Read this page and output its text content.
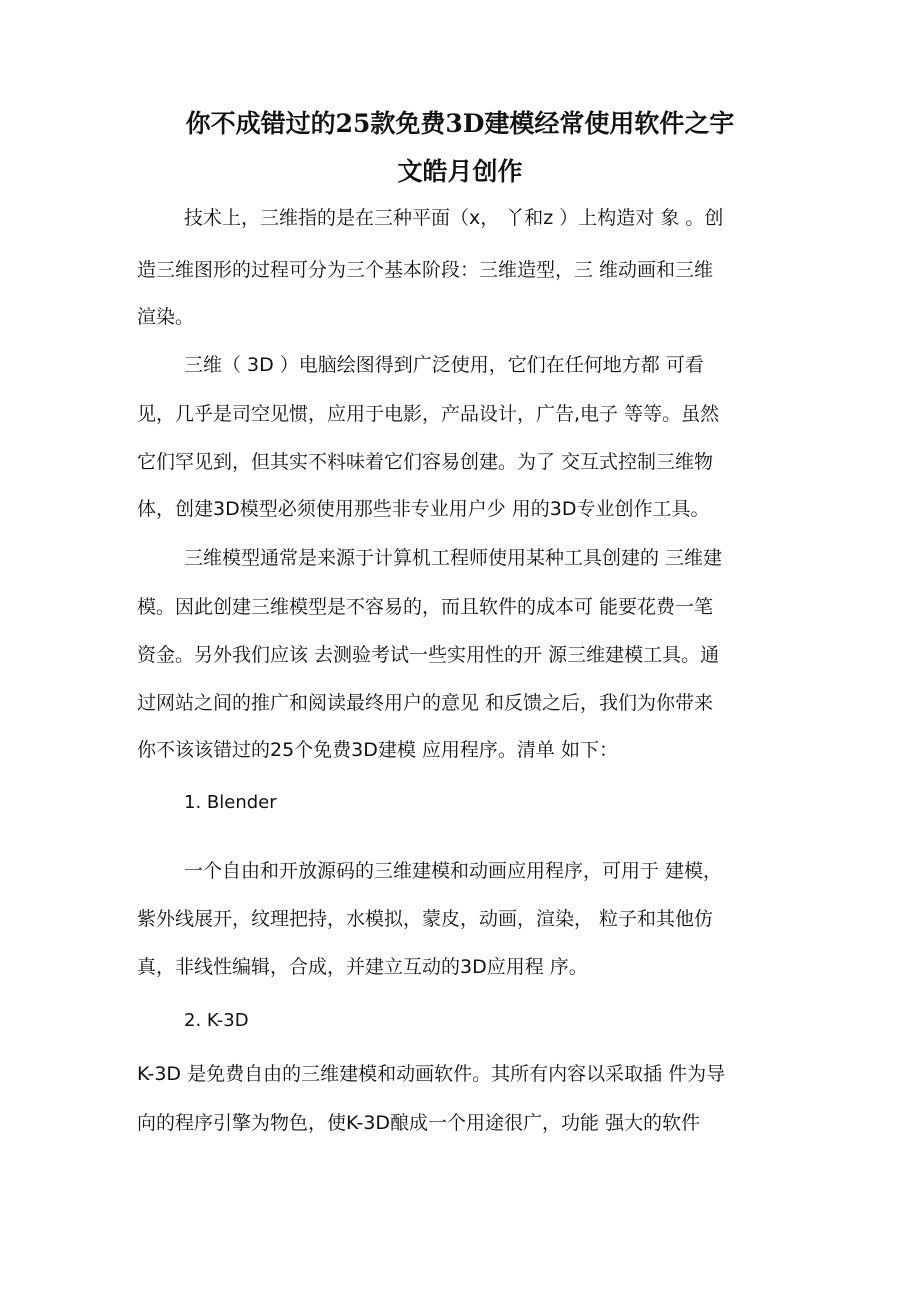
你不成错过的25款免费3D建模经常使用软件之宇
文皓月创作

技术上，三维指的是在三种平面（x， 丫和z ）上构造对 象 。创

造三维图形的过程可分为三个基本阶段：三维造型，三 维动画和三维

渲染。

三维（ 3D ）电脑绘图得到广泛使用，它们在任何地方都 可看

见，几乎是司空见惯，应用于电影，产品设计，广告,电子 等等。虽然

它们罕见到，但其实不料味着它们容易创建。为了 交互式控制三维物

体，创建3D模型必须使用那些非专业用户少 用的3D专业创作工具。

三维模型通常是来源于计算机工程师使用某种工具创建的 三维建

模。因此创建三维模型是不容易的，而且软件的成本可 能要花费一笔

资金。另外我们应该 去测验考试一些实用性的开 源三维建模工具。通

过网站之间的推广和阅读最终用户的意见 和反馈之后，我们为你带来

你不该该错过的25个免费3D建模 应用程序。清单 如下：

1. Blender

一个自由和开放源码的三维建模和动画应用程序，可用于 建模，

紫外线展开，纹理把持，水模拟，蒙皮，动画，渲染， 粒子和其他仿

真，非线性编辑，合成，并建立互动的3D应用程 序。

2. K-3D

K-3D 是免费自由的三维建模和动画软件。其所有内容以采取插 件为导

向的程序引擎为物色，使K-3D酿成一个用途很广，功能 强大的软件
